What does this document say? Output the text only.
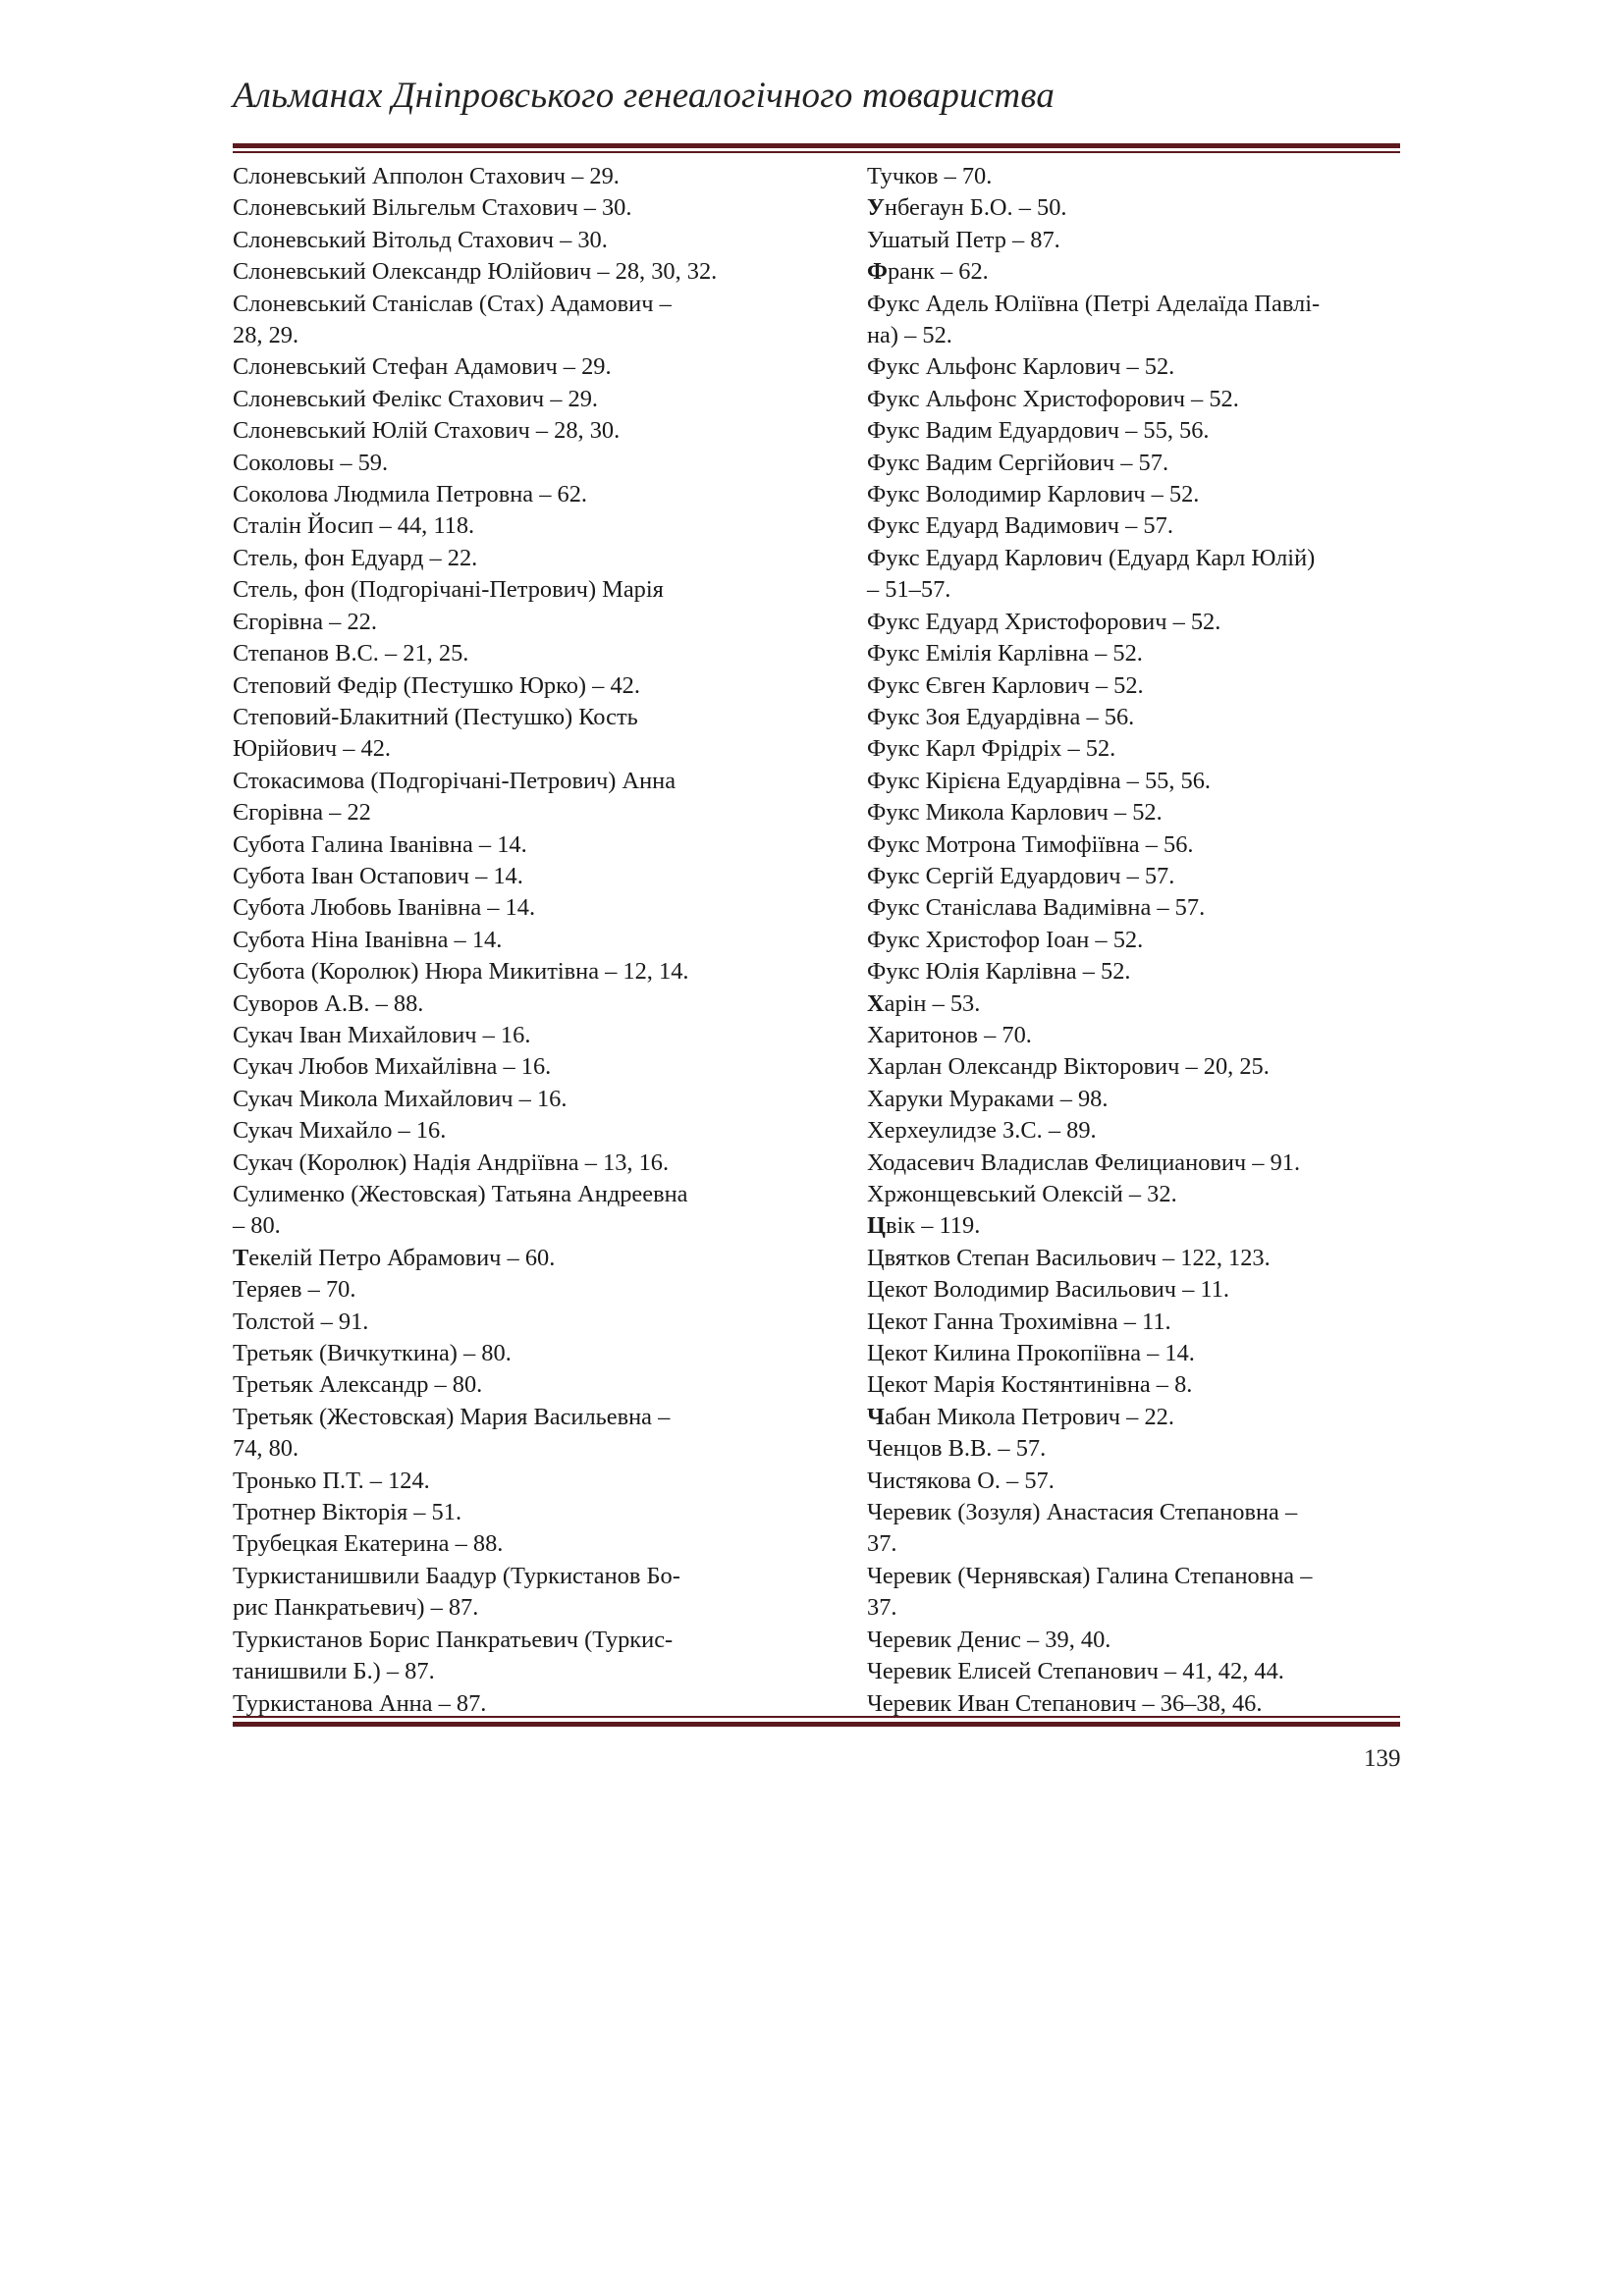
Альманах Дніпровського генеалогічного товариства
Слоневський Апполон Стахович – 29.
Слоневський Вільгельм Стахович – 30.
Слоневський Вітольд Стахович – 30.
Слоневський Олександр Юлійович – 28, 30, 32.
Слоневський Станіслав (Стах) Адамович –
28, 29.
Слоневський Стефан Адамович – 29.
Слоневський Фелікс Стахович – 29.
Слоневський Юлій Стахович – 28, 30.
Соколовы – 59.
Соколова Людмила Петровна – 62.
Сталін Йосип – 44, 118.
Стель, фон Едуард – 22.
Стель, фон (Подгорічані-Петрович) Марія
Єгорівна – 22.
Степанов В.С. – 21, 25.
Степовий Федір (Пестушко Юрко) – 42.
Степовий-Блакитний (Пестушко) Кость
Юрійович – 42.
Стокасимова (Подгорічані-Петрович) Анна
Єгорівна – 22
Субота Галина Іванівна – 14.
Субота Іван Остапович – 14.
Субота Любовь Іванівна – 14.
Субота Ніна Іванівна – 14.
Субота (Королюк) Нюра Микитівна – 12, 14.
Суворов А.В. – 88.
Сукач Іван Михайлович – 16.
Сукач Любов Михайлівна – 16.
Сукач Микола Михайлович – 16.
Сукач Михайло – 16.
Сукач (Королюк) Надія Андріївна – 13, 16.
Сулименко (Жестовская) Татьяна Андреевна
– 80.
Текелій Петро Абрамович – 60.
Теряев – 70.
Толстой – 91.
Третьяк (Вичкуткина) – 80.
Третьяк Александр – 80.
Третьяк (Жестовская) Мария Васильевна –
74, 80.
Тронько П.Т. – 124.
Тротнер Вікторія – 51.
Трубецкая Екатерина – 88.
Туркистанишвили Баадур (Туркистанов Бо-
рис Панкратьевич) – 87.
Туркистанов Борис Панкратьевич (Туркис-
танишвили Б.) – 87.
Туркистанова Анна – 87.
Тучков – 70.
Унбегаун Б.О. – 50.
Ушатый Петр – 87.
Франк – 62.
Фукс Адель Юліївна (Петрі Аделаїда Павлі-
на) – 52.
Фукс Альфонс Карлович – 52.
Фукс Альфонс Христофорович – 52.
Фукс Вадим Едуардович – 55, 56.
Фукс Вадим Сергійович – 57.
Фукс Володимир Карлович – 52.
Фукс Едуард Вадимович – 57.
Фукс Едуард Карлович (Едуард Карл Юлій)
– 51–57.
Фукс Едуард Христофорович – 52.
Фукс Емілія Карлівна – 52.
Фукс Євген Карлович – 52.
Фукс Зоя Едуардівна – 56.
Фукс Карл Фрідріх – 52.
Фукс Кірієна Едуардівна – 55, 56.
Фукс Микола Карлович – 52.
Фукс Мотрона Тимофіївна – 56.
Фукс Сергій Едуардович – 57.
Фукс Станіслава Вадимівна – 57.
Фукс Христофор Іоан – 52.
Фукс Юлія Карлівна – 52.
Харін – 53.
Харитонов – 70.
Харлан Олександр Вікторович – 20, 25.
Харуки Мураками – 98.
Херхеулидзе З.С. – 89.
Ходасевич Владислав Фелицианович – 91.
Хржонщевський Олексій – 32.
Цвік – 119.
Цвятков Степан Васильович – 122, 123.
Цекот Володимир Васильович – 11.
Цекот Ганна Трохимівна – 11.
Цекот Килина Прокопіївна – 14.
Цекот Марія Костянтинівна – 8.
Чабан Микола Петрович – 22.
Ченцов В.В. – 57.
Чистякова О. – 57.
Черевик (Зозуля) Анастасия Степановна –
37.
Черевик (Чернявская) Галина Степановна –
37.
Черевик Денис – 39, 40.
Черевик Елисей Степанович – 41, 42, 44.
Черевик Иван Степанович – 36–38, 46.
139
